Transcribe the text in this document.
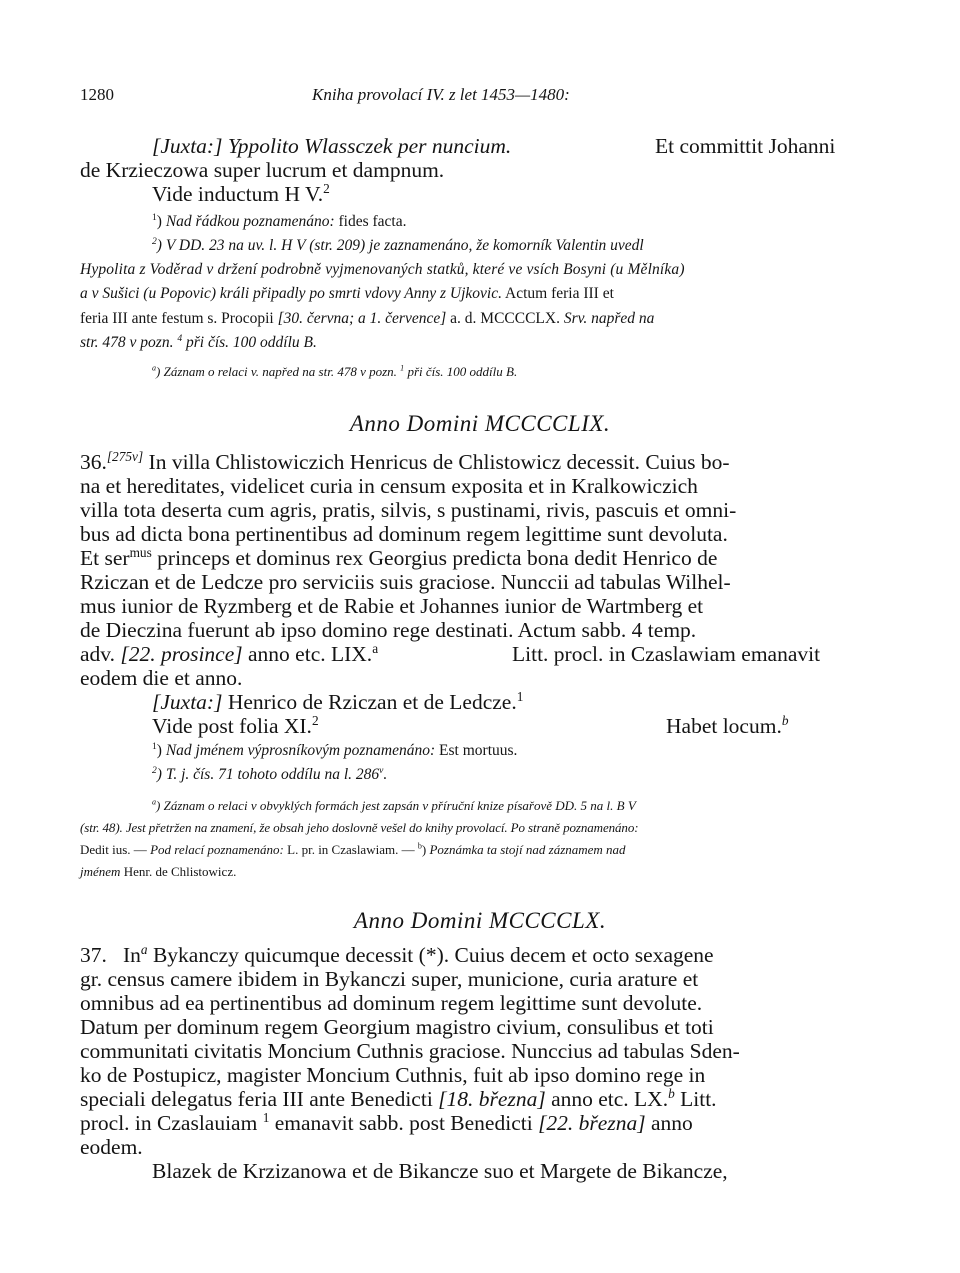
1280	Kniha provolací IV. z let 1453—1480:
[Juxta:] Yppolito Wlassczek per nuncium.	Et committit Johanni
de Krzieczowa super lucrum et dampnum.
Vide inductum H V.$^2$
$^1$) Nad řádkou poznamenáno: fides facta.
$^2$) V DD. 23 na uv. l. H V (str. 209) je zaznamenáno, že komorník Valentin uvedl
Hypolita z Voděrad v držení podrobně vyjmenovaných statků, které ve vsích Bosyni (u Mělníka)
a v Sušici (u Popovic) králi připadly po smrti vdovy Anny z Ujkovic. Actum feria III et
feria III ante festum s. Procopii [30. června; a 1. července] a. d. MCCCCLX. Srv. napřed na
str. 478 v pozn. $^4$ při čís. 100 oddílu B.
$^a$) Záznam o relaci v. napřed na str. 478 v pozn. $^1$ při čís. 100 oddílu B.
Anno Domini MCCCCLIX.
36.[275v] In villa Chlistowiczich Henricus de Chlistowicz decessit. Cuius bo-
na et hereditates, videlicet curia in censum exposita et in Kralkowiczich
villa tota deserta cum agris, pratis, silvis, s pustinami, rivis, pascuis et omni-
bus ad dicta bona pertinentibus ad dominum regem legittime sunt devoluta.
Et ser$^{mus}$ princeps et dominus rex Georgius predicta bona dedit Henrico de
Rziczan et de Ledcze pro serviciis suis graciose. Nunccii ad tabulas Wilhel-
mus iunior de Ryzmberg et de Rabie et Johannes iunior de Wartmberg et
de Dieczina fuerunt ab ipso domino rege destinati. Actum sabb. 4 temp.
adv. [22. prosince] anno etc. LIX.$^a$	Litt. procl. in Czaslawiam emanavit
eodem die et anno.
[Juxta:] Henrico de Rziczan et de Ledcze.$^1$
Vide post folia XI.$^2$	Habet locum.$^b$
$^1$) Nad jménem výprosníkovým poznamenáno: Est mortuus.
$^2$) T. j. čís. 71 tohoto oddílu na l. 286$^v$.
$^a$) Záznam o relaci v obvyklých formách jest zapsán v příruční knize písařově DD. 5 na l. B V
(str. 48). Jest přetržen na znamení, že obsah jeho doslovně vešel do knihy provolací. Po straně poznamenáno:
Dedit ius. — Pod relací poznamenáno: L. pr. in Czaslawiam. — $^b$) Poznámka ta stojí nad záznamem nad
jménem Henr. de Chlistowicz.
Anno Domini MCCCCLX.
37. In$^a$ Bykanczy quicumque decessit (*). Cuius decem et octo sexagene
gr. census camere ibidem in Bykanczi super, municione, curia arature et
omnibus ad ea pertinentibus ad dominum regem legittime sunt devolute.
Datum per dominum regem Georgium magistro civium, consulibus et toti
communitati civitatis Moncium Cuthnis graciose. Nunccius ad tabulas Sden-
ko de Postupicz, magister Moncium Cuthnis, fuit ab ipso domino rege in
speciali delegatus feria III ante Benedicti [18. března] anno etc. LX.$^b$ Litt.
procl. in Czaslauiam $^1$ emanavit sabb. post Benedicti [22. března] anno
eodem.
Blazek de Krzizanowa et de Bikancze suo et Margete de Bikancze,
